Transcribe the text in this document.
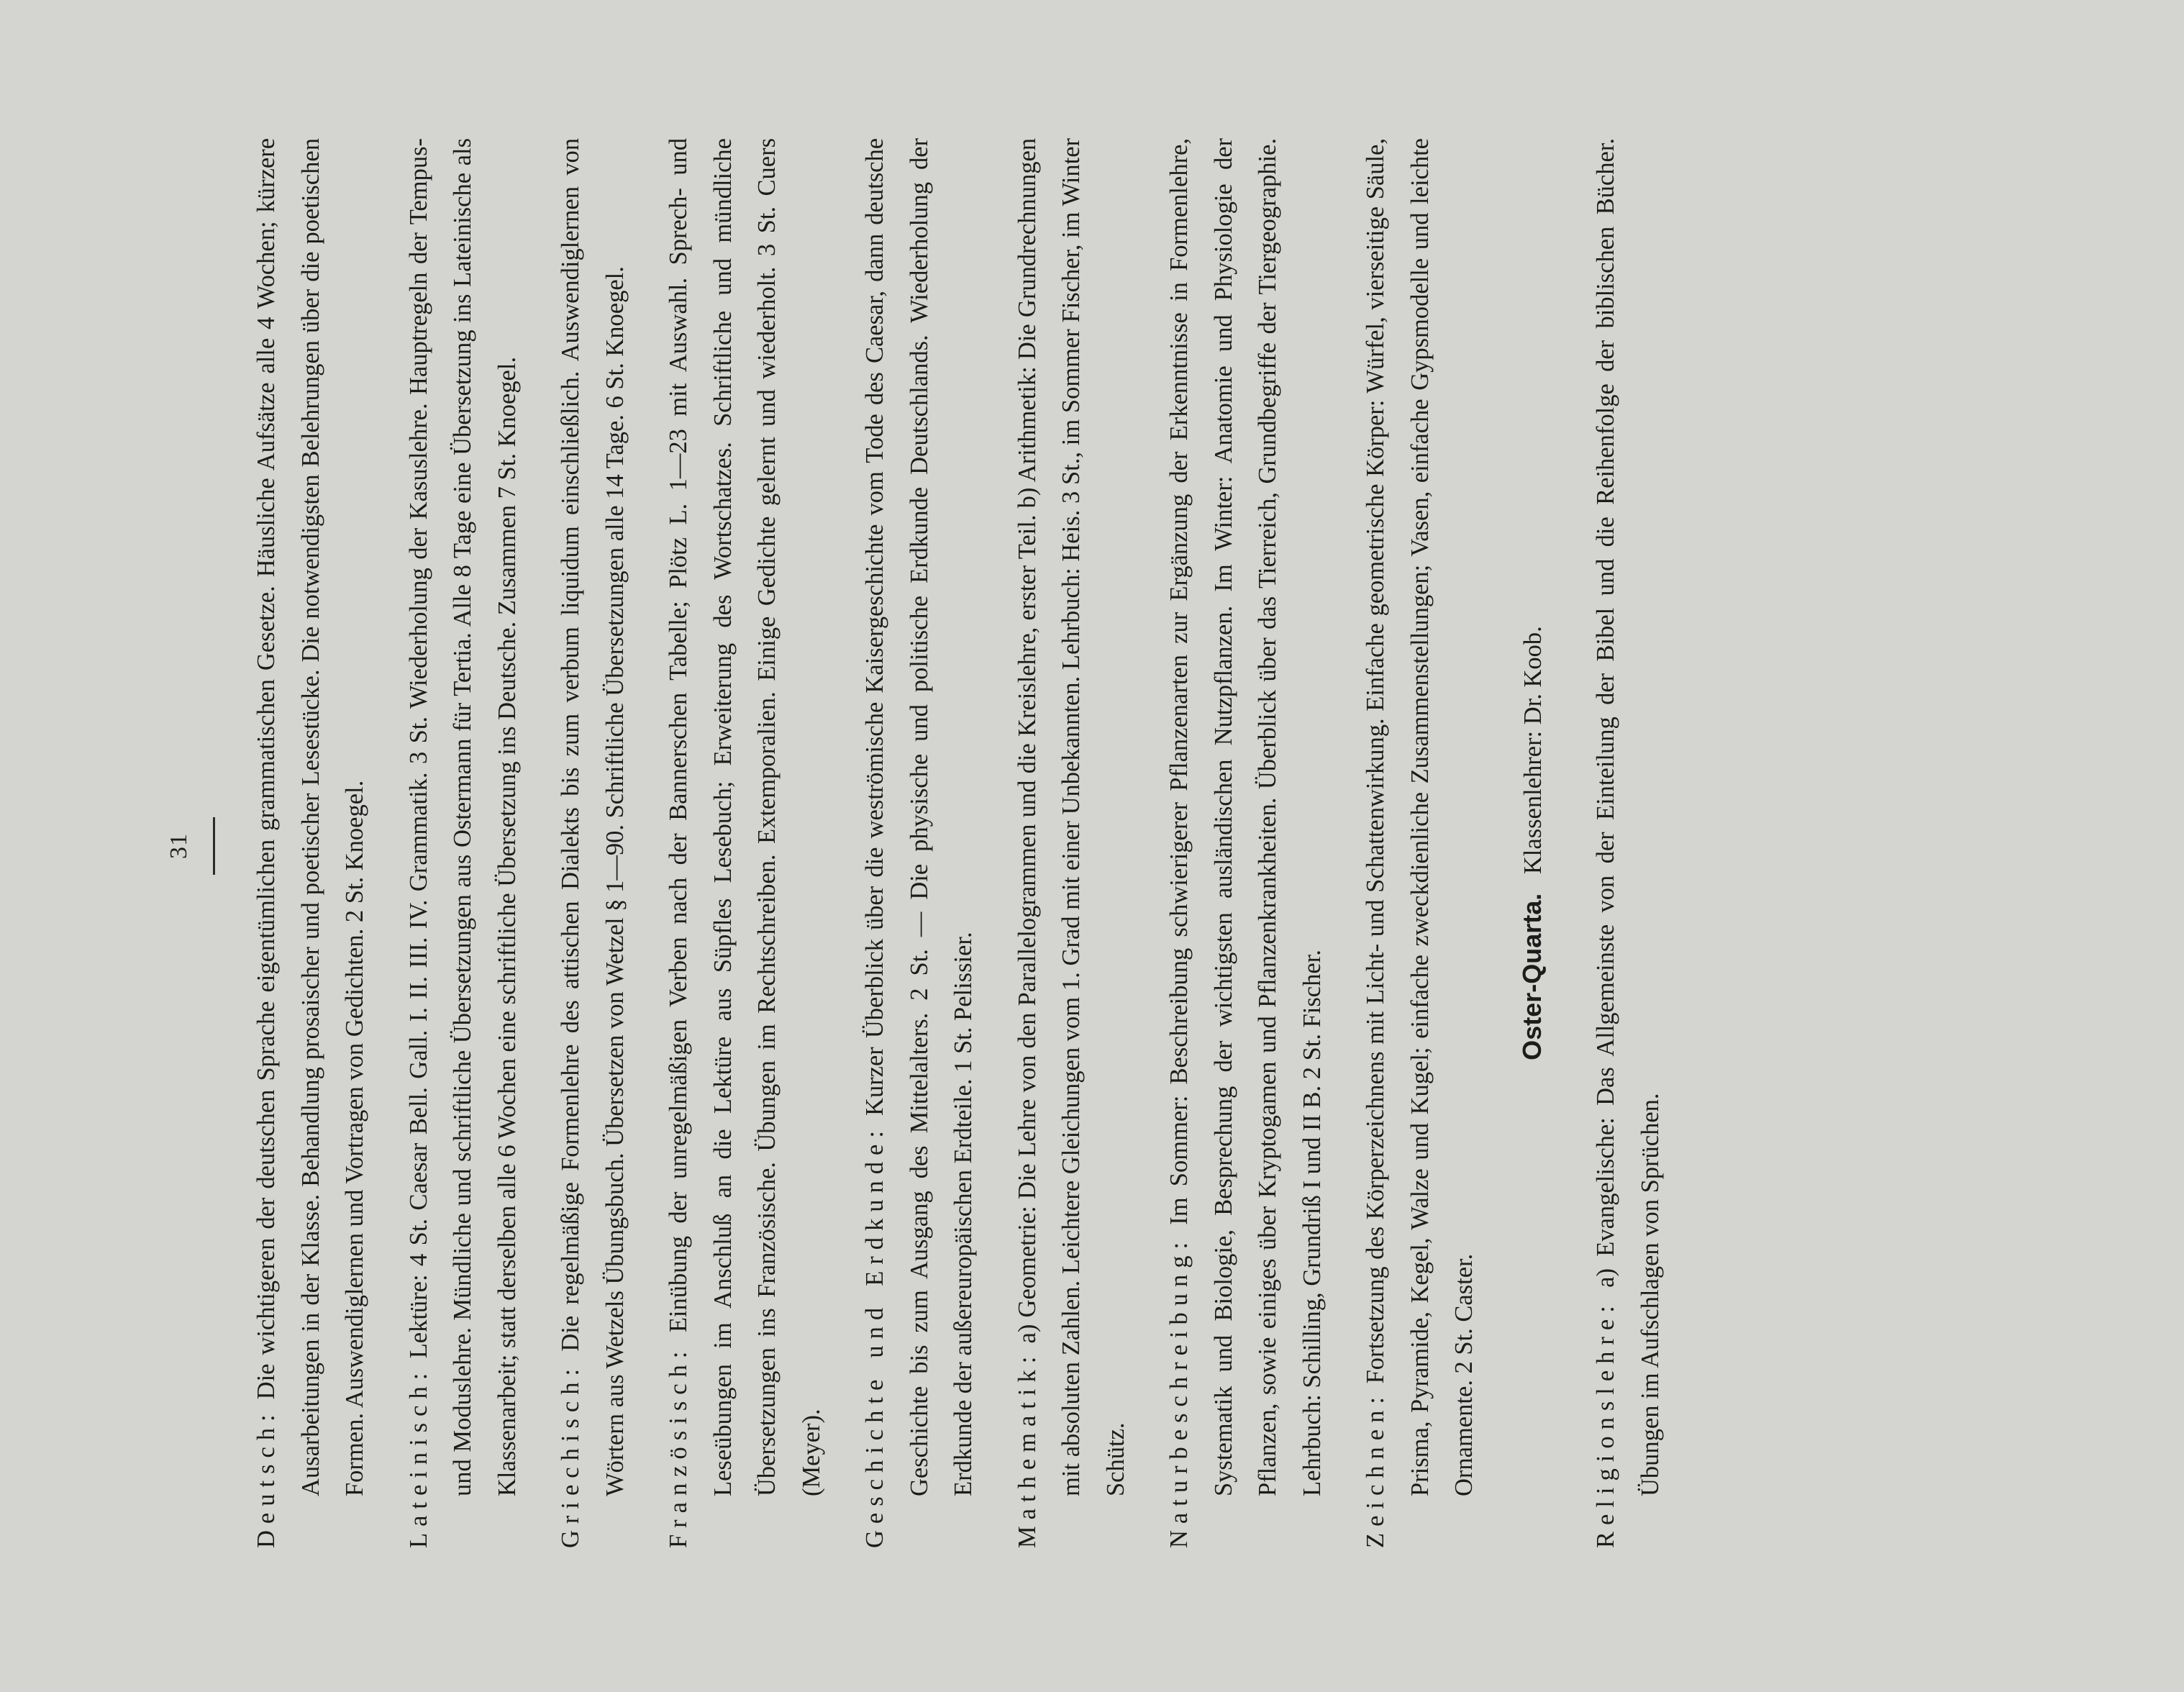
31

Deutsch: Die wichtigeren der deutschen Sprache eigentümlichen grammatischen Gesetze. Häusliche Aufsätze alle 4 Wochen; kürzere Ausarbeitungen in der Klasse. Behandlung prosaischer und poetischer Lesestücke. Die notwendigsten Belehrungen über die poetischen Formen. Auswendiglernen und Vortragen von Gedichten. 2 St. Knoegel.	Lateinisch: Lektüre: 4 St. Caesar Bell. Gall. I. II. III. IV. Grammatik. 3 St. Wiederholung der Kasuslehre. Hauptregeln der Tempus- und Moduslehre. Mündliche und schriftliche Übersetzungen aus Ostermann für Tertia. Alle 8 Tage eine Übersetzung ins Lateinische als Klassenarbeit; statt derselben alle 6 Wochen eine schriftliche Übersetzung ins Deutsche. Zusammen 7 St. Knoegel.	Griechisch: Die regelmäßige Formenlehre des attischen Dialekts bis zum verbum liquidum einschließlich. Auswendiglernen von Wörtern aus Wetzels Übungsbuch. Übersetzen von Wetzel § 1—90. Schriftliche Übersetzungen alle 14 Tage. 6 St. Knoegel.	Französisch: Einübung der unregelmäßigen Verben nach der Bannerschen Tabelle; Plötz L. 1—23 mit Auswahl. Sprech- und Leseübungen im Anschluß an die Lektüre aus Süpfles Lesebuch; Erweiterung des Wortschatzes. Schriftliche und mündliche Übersetzungen ins Französische. Übungen im Rechtschreiben. Extemporalien. Einige Gedichte gelernt und wiederholt. 3 St. Cuers (Meyer).	Geschichte und Erdkunde: Kurzer Überblick über die weströmische Kaisergeschichte vom Tode des Caesar, dann deutsche Geschichte bis zum Ausgang des Mittelalters. 2 St. — Die physische und politische Erdkunde Deutschlands. Wiederholung der Erdkunde der außereuropäischen Erdteile. 1 St. Pelissier.	Mathematik: a) Geometrie: Die Lehre von den Parallelogrammen und die Kreislehre, erster Teil. b) Arithmetik: Die Grundrechnungen mit absoluten Zahlen. Leichtere Gleichungen vom 1. Grad mit einer Unbekannten. Lehrbuch: Heis. 3 St., im Sommer Fischer, im Winter Schütz.	Naturbeschreibung: Im Sommer: Beschreibung schwierigerer Pflanzenarten zur Ergänzung der Erkenntnisse in Formenlehre, Systematik und Biologie, Besprechung der wichtigsten ausländischen Nutzpflanzen. Im Winter: Anatomie und Physiologie der Pflanzen, sowie einiges über Kryptogamen und Pflanzenkrankheiten. Überblick über das Tierreich, Grundbegriffe der Tiergeographie. Lehrbuch: Schilling, Grundriß I und II B. 2 St. Fischer.	Zeichnen: Fortsetzung des Körperzeichnens mit Licht- und Schattenwirkung. Einfache geometrische Körper: Würfel, vierseitige Säule, Prisma, Pyramide, Kegel, Walze und Kugel; einfache zweckdienliche Zusammenstellungen; Vasen, einfache Gypsmodelle und leichte Ornamente. 2 St. Caster.

Oster-Quarta. Klassenlehrer: Dr. Koob.

Religionslehre: a) Evangelische: Das Allgemeinste von der Einteilung der Bibel und die Reihenfolge der biblischen Bücher. Übungen im Aufschlagen von Sprüchen.
